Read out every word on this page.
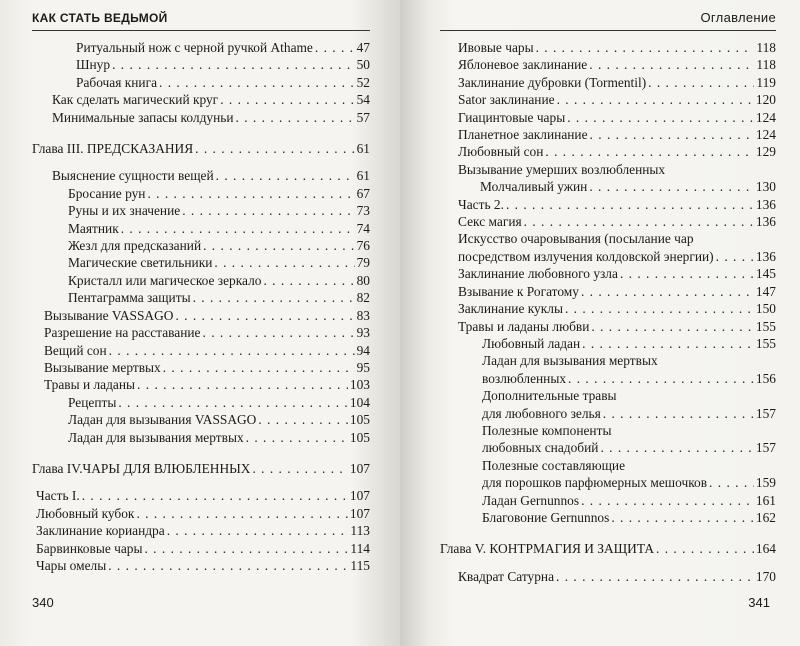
КАК СТАТЬ ВЕДЬМОЙ
Ритуальный нож с черной ручкой Athame . . .	47
Шнур . . .	50
Рабочая книга . . .	52
Как сделать магический круг . . .	54
Минимальные запасы колдуньи . . .	57
Глава III. ПРЕДСКАЗАНИЯ . . .	61
Выяснение сущности вещей . . .	61
Бросание рун . . .	67
Руны и их значение . . .	73
Маятник . . .	74
Жезл для предсказаний . . .	76
Магические светильники . . .	79
Кристалл или магическое зеркало . . .	80
Пентаграмма защиты . . .	82
Вызывание VASSAGO . . .	83
Разрешение на расставание . . .	93
Вещий сон . . .	94
Вызывание мертвых . . .	95
Травы и ладаны . . .	103
Рецепты . . .	104
Ладан для вызывания VASSAGO . . .	105
Ладан для вызывания мертвых . . .	105
Глава IV.ЧАРЫ ДЛЯ ВЛЮБЛЕННЫХ . . .	107
Часть I. . . .	107
Любовный кубок . . .	107
Заклинание кориандра . . .	113
Барвинковые чары . . .	114
Чары омелы . . .	115
340
Оглавление
Ивовые чары . . .	118
Яблоневое заклинание . . .	118
Заклинание дубровки (Tormentil) . . .	119
Sator заклинание . . .	120
Гиацинтовые чары . . .	124
Планетное заклинание . . .	124
Любовный сон . . .	129
Вызывание умерших возлюбленных
Молчаливый ужин . . .	130
Часть 2. . . .	136
Секс магия . . .	136
Искусство очаровывания (посылание чар
посредством излучения колдовской энергии) . . .	136
Заклинание любовного узла . . .	145
Взывание к Рогатому . . .	147
Заклинание куклы . . .	150
Травы и ладаны любви . . .	155
Любовный ладан . . .	155
Ладан для вызывания мертвых
возлюбленных . . .	156
Дополнительные травы
для любовного зелья . . .	157
Полезные компоненты
любовных снадобий . . .	157
Полезные составляющие
для порошков парфюмерных мешочков . . .	159
Ладан Gernunnos . . .	161
Благовоние Gernunnos . . .	162
Глава V. КОНТРМАГИЯ И ЗАЩИТА . . .	164
Квадрат Сатурна . . .	170
341
